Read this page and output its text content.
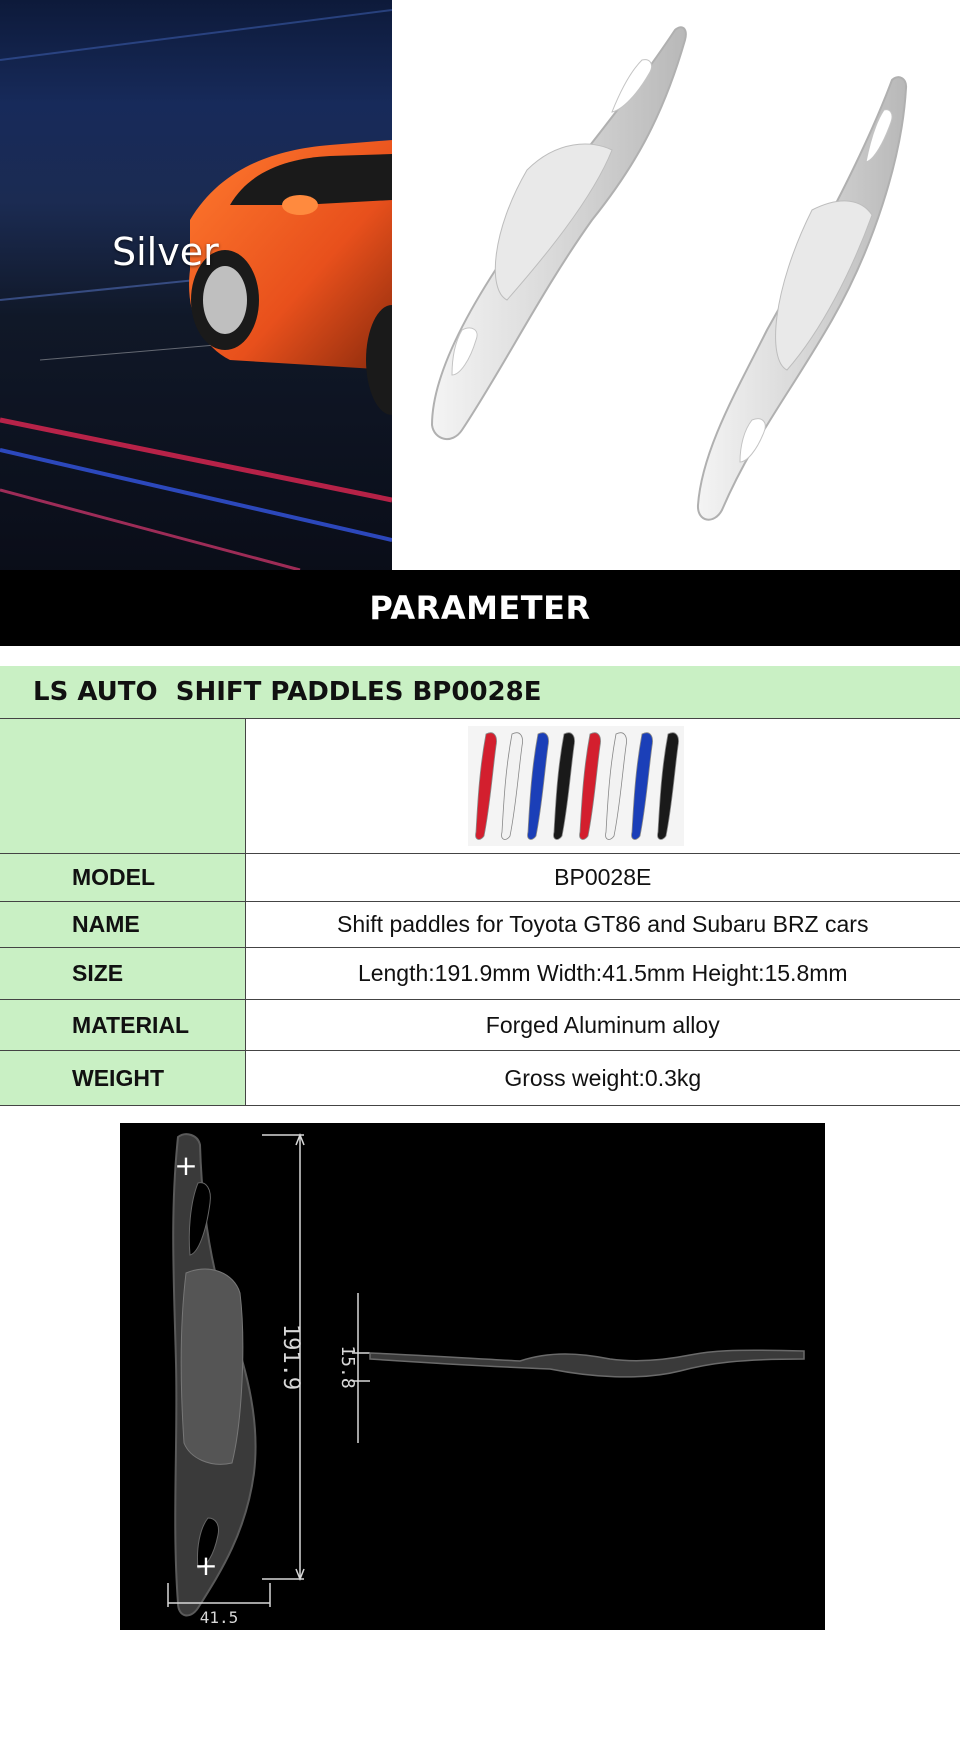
Silver
PARAMETER
LS AUTO  SHIFT PADDLES BP0028E

MODEL	BP0028E
NAME	Shift paddles for Toyota GT86 and Subaru BRZ cars
SIZE	Length:191.9mm Width:41.5mm Height:15.8mm
MATERIAL	Forged Aluminum alloy
WEIGHT	Gross weight:0.3kg
+
+
191.9 15.8
41.5
